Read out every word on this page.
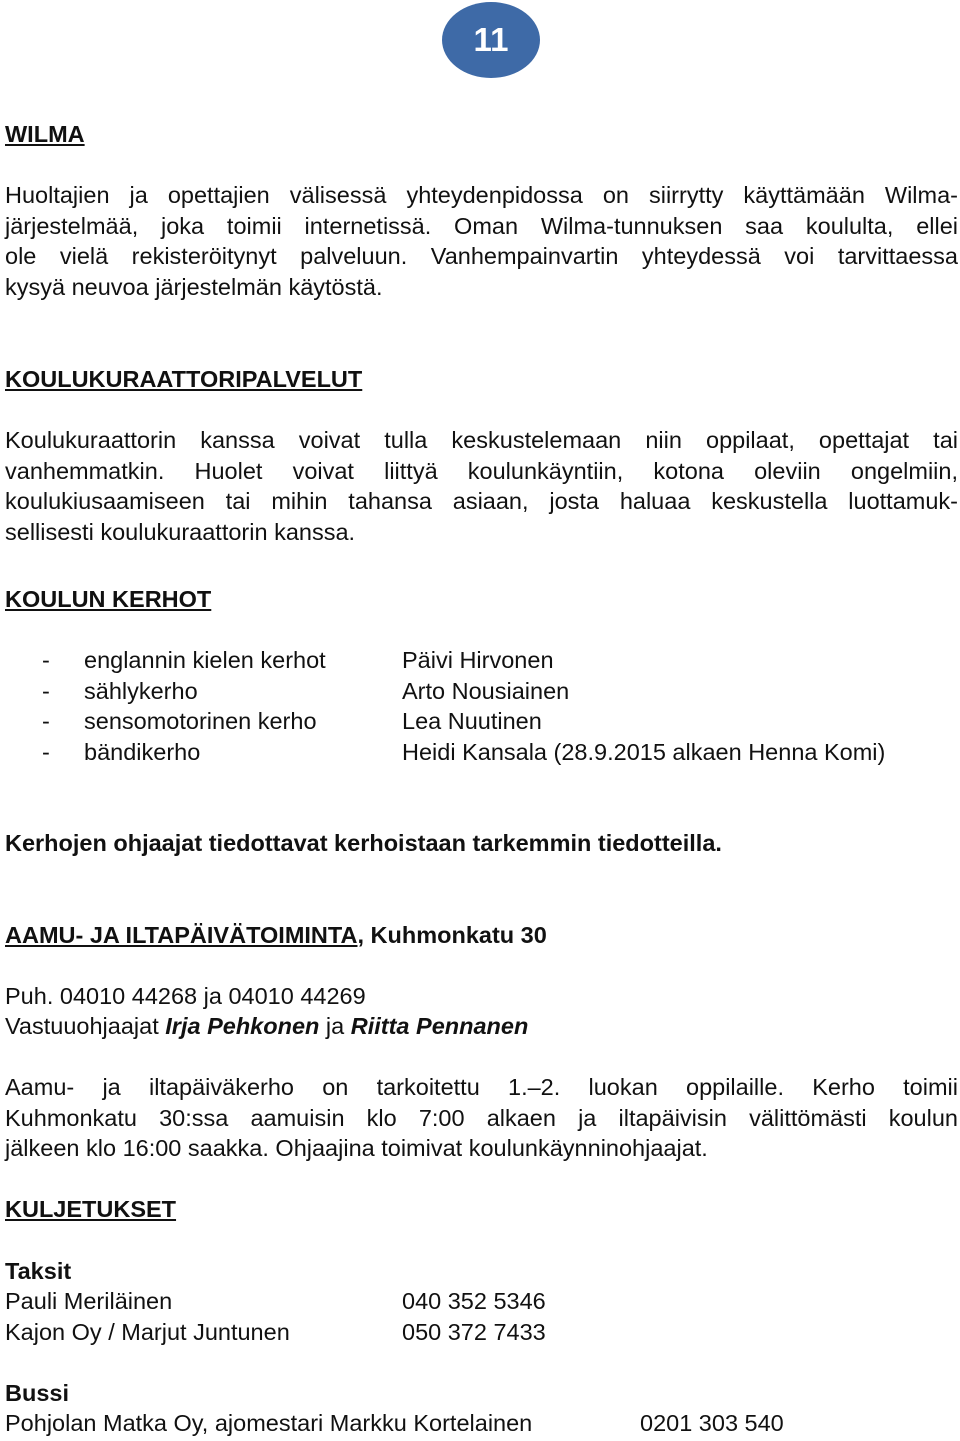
11
WILMA
Huoltajien ja opettajien välisessä yhteydenpidossa on siirrytty käyttämään Wilma-
järjestelmää, joka toimii internetissä. Oman Wilma-tunnuksen saa koululta, ellei
ole vielä rekisteröitynyt palveluun. Vanhempainvartin yhteydessä voi tarvittaessa
kysyä neuvoa järjestelmän käytöstä.
KOULUKURAATTORIPALVELUT
Koulukuraattorin kanssa voivat tulla keskustelemaan niin oppilaat, opettajat tai
vanhemmatkin. Huolet voivat liittyä koulunkäyntiin, kotona oleviin ongelmiin,
koulukiusaamiseen tai mihin tahansa asiaan, josta haluaa keskustella luottamuk-
sellisesti koulukuraattorin kanssa.
KOULUN KERHOT
- englannin kielen kerhot	Päivi Hirvonen
- sählykerho	Arto Nousiainen
- sensomotorinen kerho	Lea Nuutinen
- bändikerho	Heidi Kansala (28.9.2015 alkaen Henna Komi)
Kerhojen ohjaajat tiedottavat kerhoistaan tarkemmin tiedotteilla.
AAMU- JA ILTAPÄIVÄTOIMINTA, Kuhmonkatu 30
Puh. 04010 44268 ja 04010 44269
Vastuuohjaajat Irja Pehkonen ja Riitta Pennanen
Aamu- ja iltapäiväkerho on tarkoitettu 1.–2. luokan oppilaille. Kerho toimii
Kuhmonkatu 30:ssa aamuisin klo 7:00 alkaen ja iltapäivisin välittömästi koulun
jälkeen klo 16:00 saakka. Ohjaajina toimivat koulunkäynninohjaajat.
KULJETUKSET
Taksit
Pauli Meriläinen	040 352 5346
Kajon Oy / Marjut Juntunen	050 372 7433
Bussi
Pohjolan Matka Oy, ajomestari Markku Kortelainen	0201 303 540
